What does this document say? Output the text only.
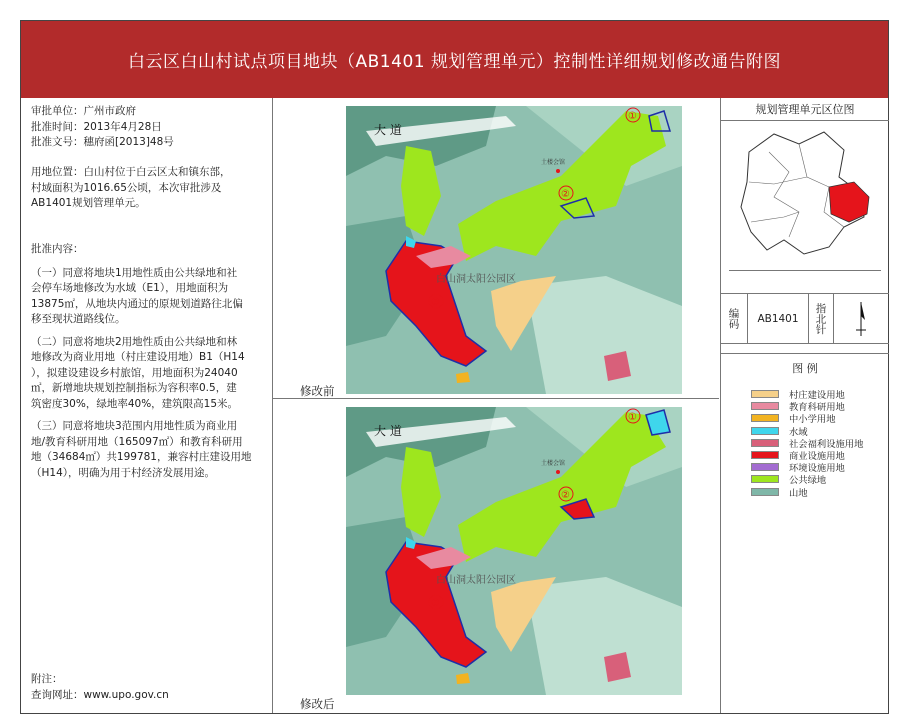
白云区白山村试点项目地块（AB1401 规划管理单元）控制性详细规划修改通告附图

审批单位：广州市政府

批准时间：2013年4月28日

批准文号：穗府函[2013]48号

用地位置：白山村位于白云区太和镇东部，

村域面积为1016.65公顷，本次审批涉及

AB1401规划管理单元。

批准内容：

（一）同意将地块1用地性质由公共绿地和社

会停车场地修改为水域（E1），用地面积为

13875㎡，从地块内通过的原规划道路往北偏

移至现状道路线位。

（二）同意将地块2用地性质由公共绿地和林

地修改为商业用地（村庄建设用地）B1（H14

），拟建设建设乡村旅馆，用地面积为24040

㎡，新增地块规划控制指标为容积率0.5，建

筑密度30%，绿地率40%，建筑限高15米。

（三）同意将地块3范围内用地性质为商业用

地/教育科研用地（165097㎡）和教育科研用

地（34684㎡）共199781，兼容村庄建设用地

（H14），明确为用于村经济发展用途。

附注：

查询网址：www.upo.gov.cn

大 道
白山洞太阳公园区
土楼会馆
①
②
③
修改前
大 道
白山洞太阳公园区
土楼会馆
①
②
③
修改后
规划管理单元区位图
编码	AB1401	指北针
图 例
村庄建设用地
教育科研用地
中小学用地
水域
社会福利设施用地
商业设施用地
环境设施用地
公共绿地
山地
